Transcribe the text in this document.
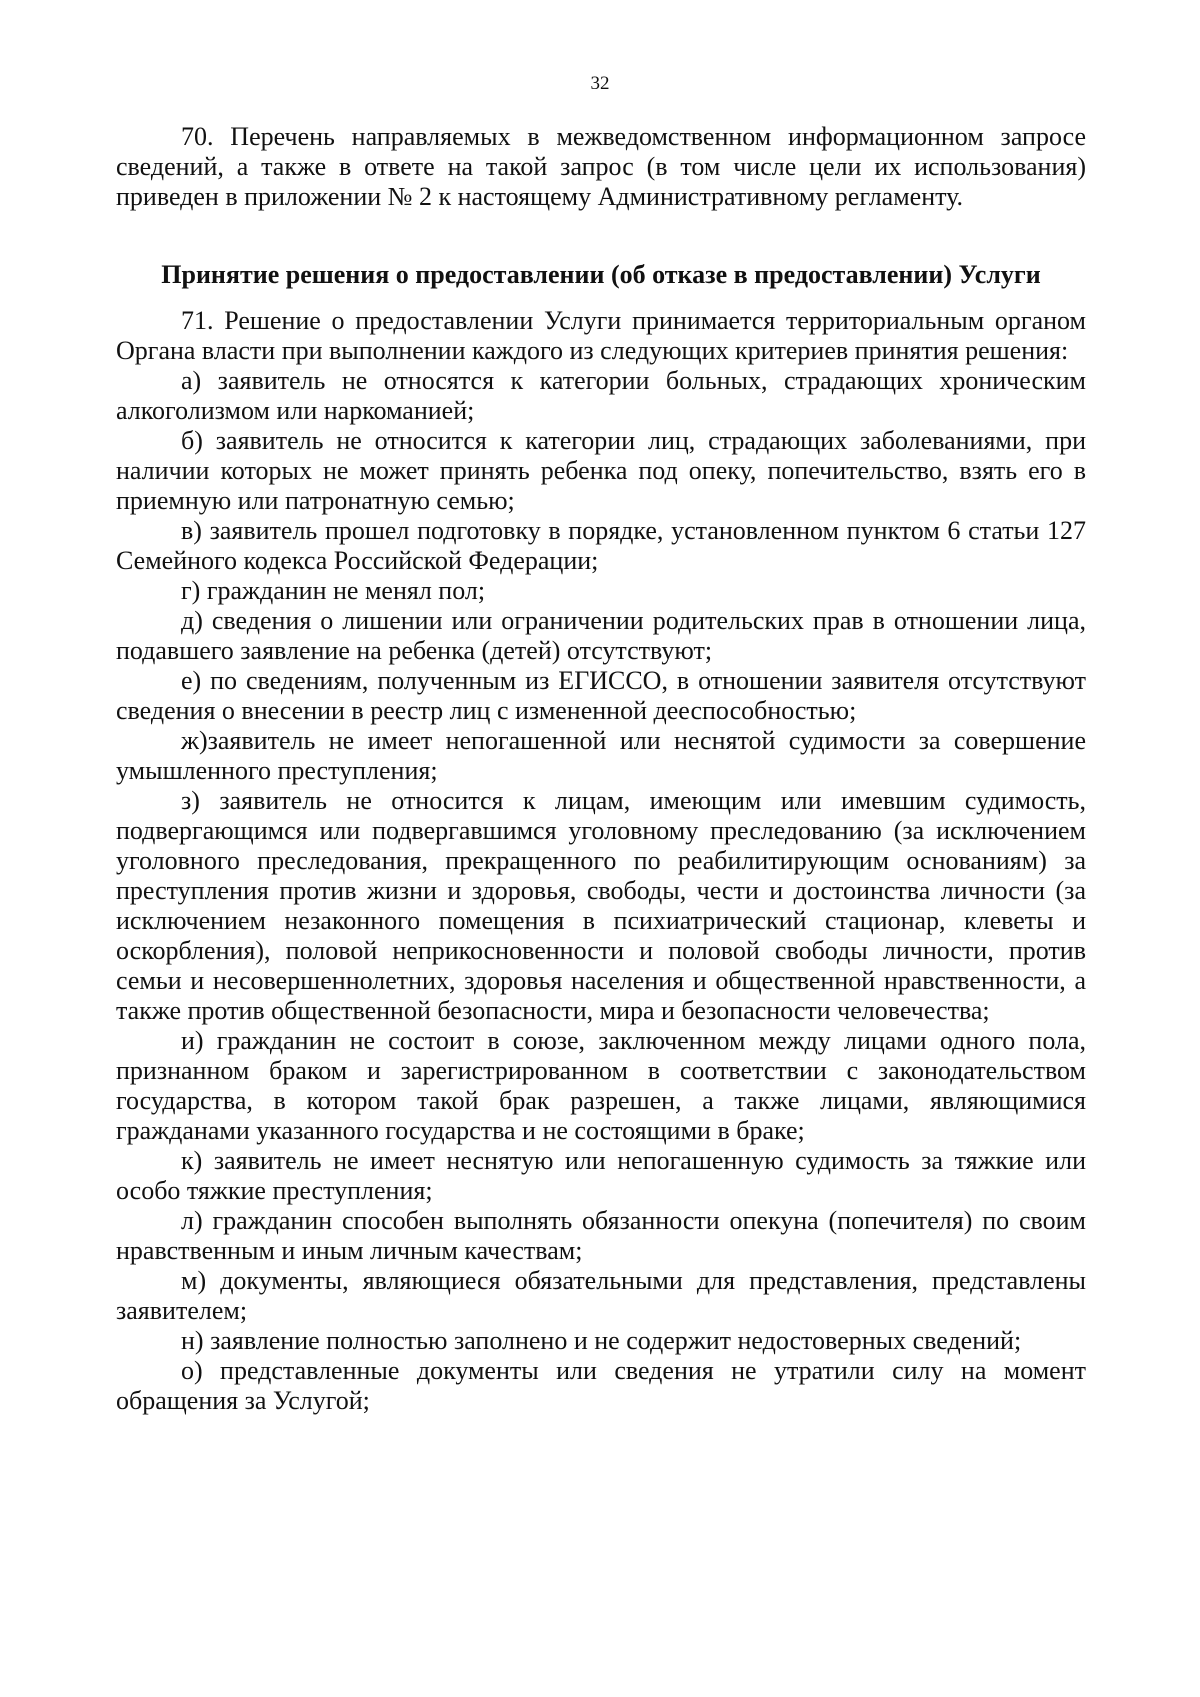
32

70. Перечень направляемых в межведомственном информационном запросе сведений, а также в ответе на такой запрос (в том числе цели их использования) приведен в приложении № 2 к настоящему Административному регламенту.

Принятие решения о предоставлении (об отказе в предоставлении) Услуги

71. Решение о предоставлении Услуги принимается территориальным органом Органа власти при выполнении каждого из следующих критериев принятия решения:

а) заявитель не относятся к категории больных, страдающих хроническим алкоголизмом или наркоманией;

б) заявитель не относится к категории лиц, страдающих заболеваниями, при наличии которых не может принять ребенка под опеку, попечительство, взять его в приемную или патронатную семью;

в) заявитель прошел подготовку в порядке, установленном пунктом 6 статьи 127 Семейного кодекса Российской Федерации;

г) гражданин не менял пол;

д) сведения о лишении или ограничении родительских прав в отношении лица, подавшего заявление на ребенка (детей) отсутствуют;

е) по сведениям, полученным из ЕГИССО, в отношении заявителя отсутствуют сведения о внесении в реестр лиц с измененной дееспособностью;

ж)заявитель не имеет непогашенной или неснятой судимости за совершение умышленного преступления;

з) заявитель не относится к лицам, имеющим или имевшим судимость, подвергающимся или подвергавшимся уголовному преследованию (за исключением уголовного преследования, прекращенного по реабилитирующим основаниям) за преступления против жизни и здоровья, свободы, чести и достоинства личности (за исключением незаконного помещения в психиатрический стационар, клеветы и оскорбления), половой неприкосновенности и половой свободы личности, против семьи и несовершеннолетних, здоровья населения и общественной нравственности, а также против общественной безопасности, мира и безопасности человечества;

и) гражданин не состоит в союзе, заключенном между лицами одного пола, признанном браком и зарегистрированном в соответствии с законодательством государства, в котором такой брак разрешен, а также лицами, являющимися гражданами указанного государства и не состоящими в браке;

к) заявитель не имеет неснятую или непогашенную судимость за тяжкие или особо тяжкие преступления;

л) гражданин способен выполнять обязанности опекуна (попечителя) по своим нравственным и иным личным качествам;

м) документы, являющиеся обязательными для представления, представлены заявителем;

н) заявление полностью заполнено и не содержит недостоверных сведений;

о) представленные документы или сведения не утратили силу на момент обращения за Услугой;
